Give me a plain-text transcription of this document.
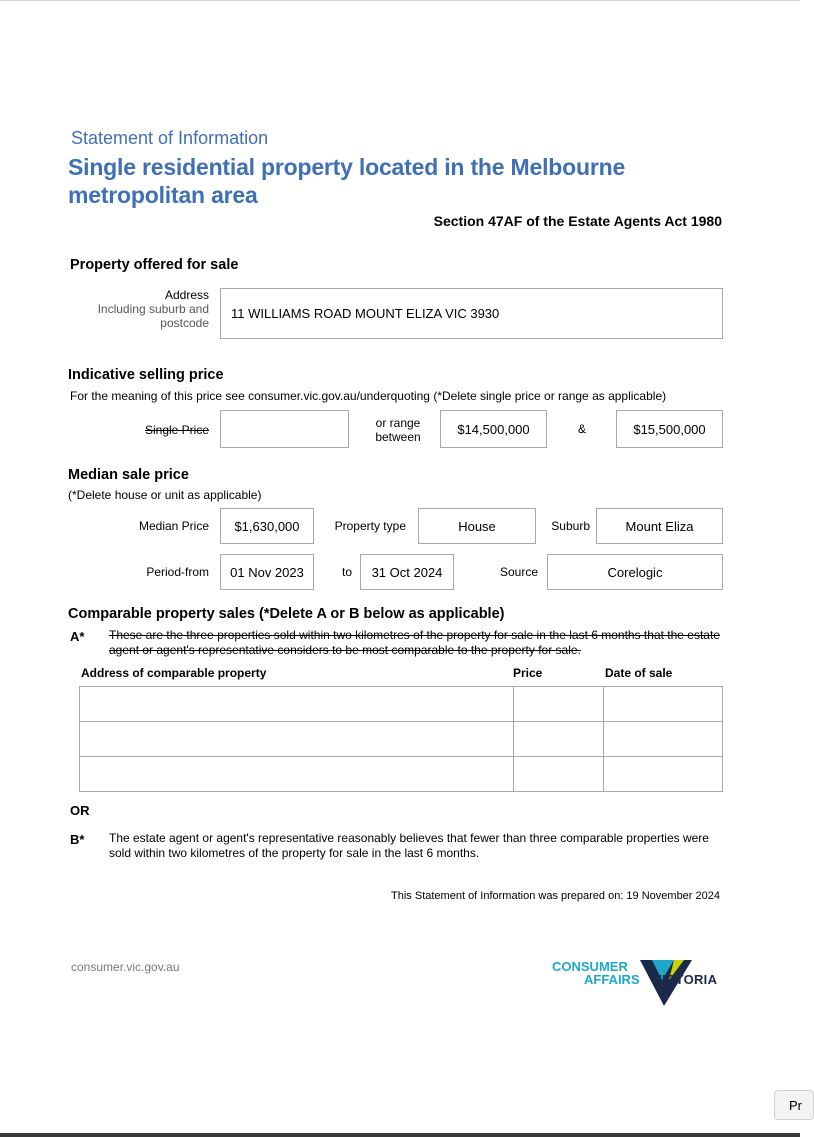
Statement of Information
Single residential property located in the Melbourne metropolitan area
Section 47AF of the Estate Agents Act 1980
Property offered for sale
Address
Including suburb and postcode
11 WILLIAMS ROAD MOUNT ELIZA VIC 3930
Indicative selling price
For the meaning of this price see consumer.vic.gov.au/underquoting (*Delete single price or range as applicable)
Single Price	or range between
$14,500,000	&	$15,500,000
Median sale price
(*Delete house or unit as applicable)
Median Price $1,630,000	Property type	House	Suburb	Mount Eliza
Period-from 01 Nov 2023	to 31 Oct 2024	Source	Corelogic
Comparable property sales (*Delete A or B below as applicable)
A* These are the three properties sold within two kilometres of the property for sale in the last 6 months that the estate agent or agent's representative considers to be most comparable to the property for sale.
Address of comparable property	Price	Date of sale

OR
B* The estate agent or agent's representative reasonably believes that fewer than three comparable properties were sold within two kilometres of the property for sale in the last 6 months.
This Statement of Information was prepared on: 19 November 2024
consumer.vic.gov.au	CONSUMER
AFFAIRS VICTORIA
Pr
